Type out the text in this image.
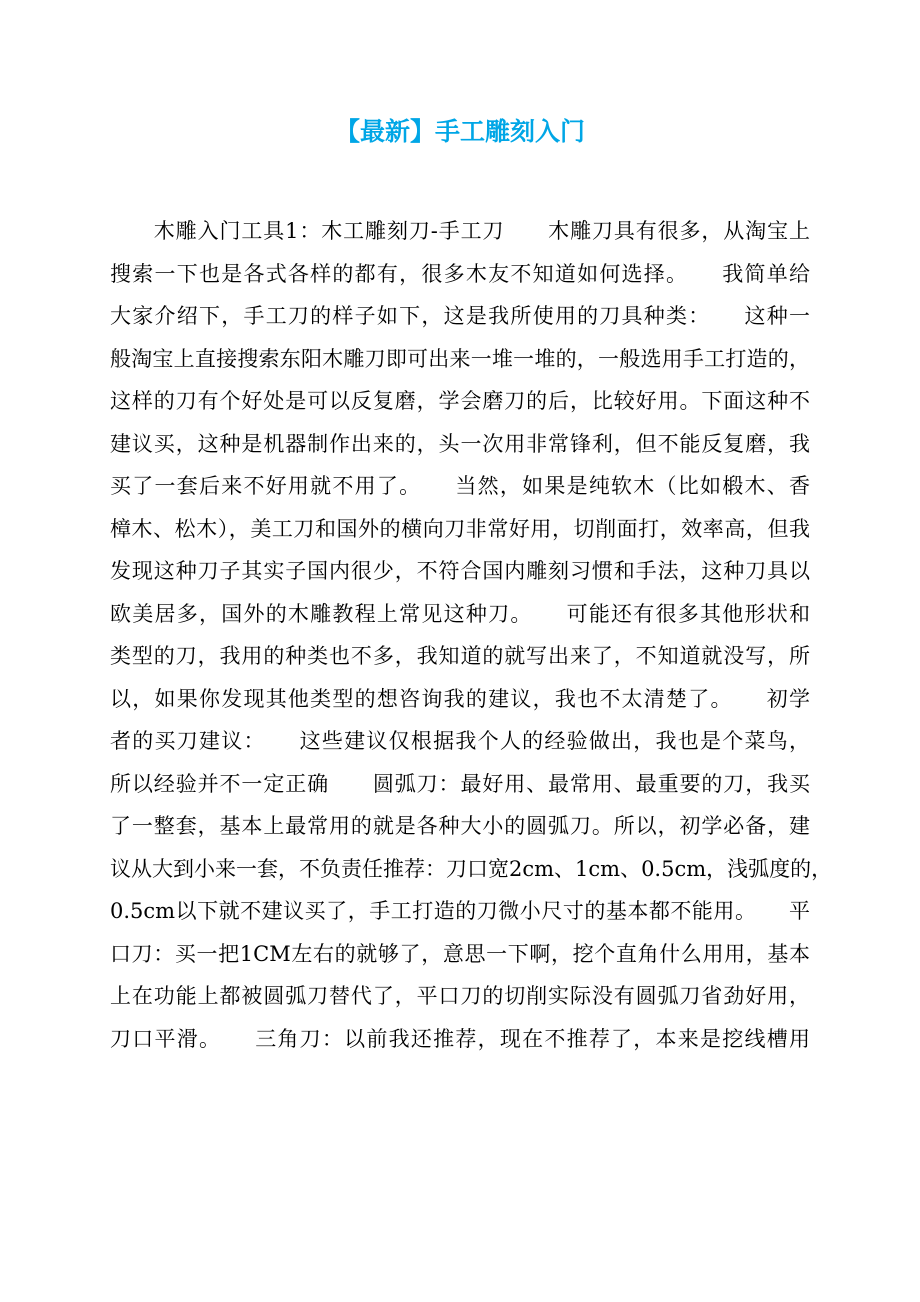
【最新】手工雕刻入门
　　木雕入门工具1：木工雕刻刀-手工刀　　木雕刀具有很多，从淘宝上
搜索一下也是各式各样的都有，很多木友不知道如何选择。　　我简单给
大家介绍下，手工刀的样子如下，这是我所使用的刀具种类：　　这种一
般淘宝上直接搜索东阳木雕刀即可出来一堆一堆的，一般选用手工打造的，
这样的刀有个好处是可以反复磨，学会磨刀的后，比较好用。下面这种不
建议买，这种是机器制作出来的，头一次用非常锋利，但不能反复磨，我
买了一套后来不好用就不用了。　　当然，如果是纯软木（比如椴木、香
樟木、松木），美工刀和国外的横向刀非常好用，切削面打，效率高，但我
发现这种刀子其实子国内很少，不符合国内雕刻习惯和手法，这种刀具以
欧美居多，国外的木雕教程上常见这种刀。　　可能还有很多其他形状和
类型的刀，我用的种类也不多，我知道的就写出来了，不知道就没写，所
以，如果你发现其他类型的想咨询我的建议，我也不太清楚了。　　初学
者的买刀建议：　　这些建议仅根据我个人的经验做出，我也是个菜鸟，
所以经验并不一定正确　　圆弧刀：最好用、最常用、最重要的刀，我买
了一整套，基本上最常用的就是各种大小的圆弧刀。所以，初学必备，建
议从大到小来一套，不负责任推荐：刀口宽2cm、1cm、0.5cm，浅弧度的，
0.5cm以下就不建议买了，手工打造的刀微小尺寸的基本都不能用。　　平
口刀：买一把1CM左右的就够了，意思一下啊，挖个直角什么用用，基本
上在功能上都被圆弧刀替代了，平口刀的切削实际没有圆弧刀省劲好用，
刀口平滑。　　三角刀：以前我还推荐，现在不推荐了，本来是挖线槽用
